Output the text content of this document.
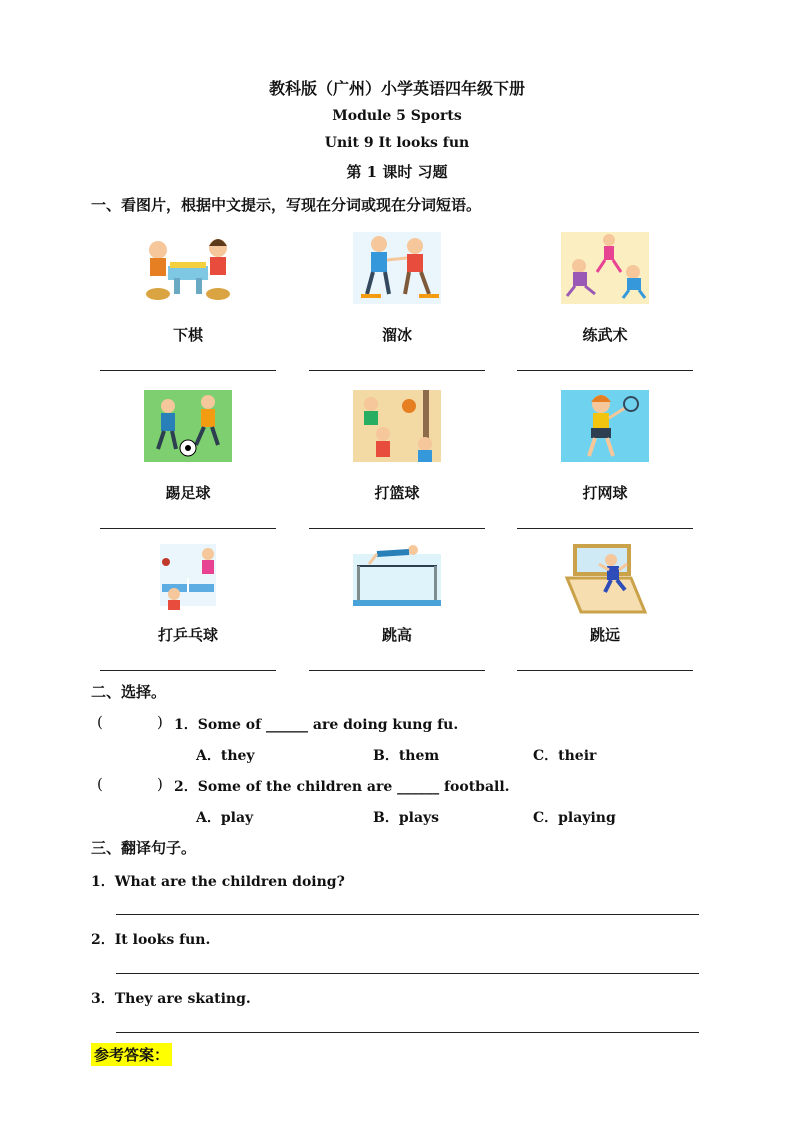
教科版（广州）小学英语四年级下册
Module 5 Sports
Unit 9 It looks fun
第 1 课时 习题
一、看图片，根据中文提示，写现在分词或现在分词短语。
下棋	溜冰	练武术
踢足球	打篮球	打网球
打乒乓球	跳高	跳远
二、选择。
(	) 1．Some of ______ are doing kung fu.
A．they	B．them	C．their
(	) 2．Some of the children are ______ football.
A．play	B．plays	C．playing
三、翻译句子。
1．What are the children doing?
2．It looks fun.
3．They are skating.
参考答案：
